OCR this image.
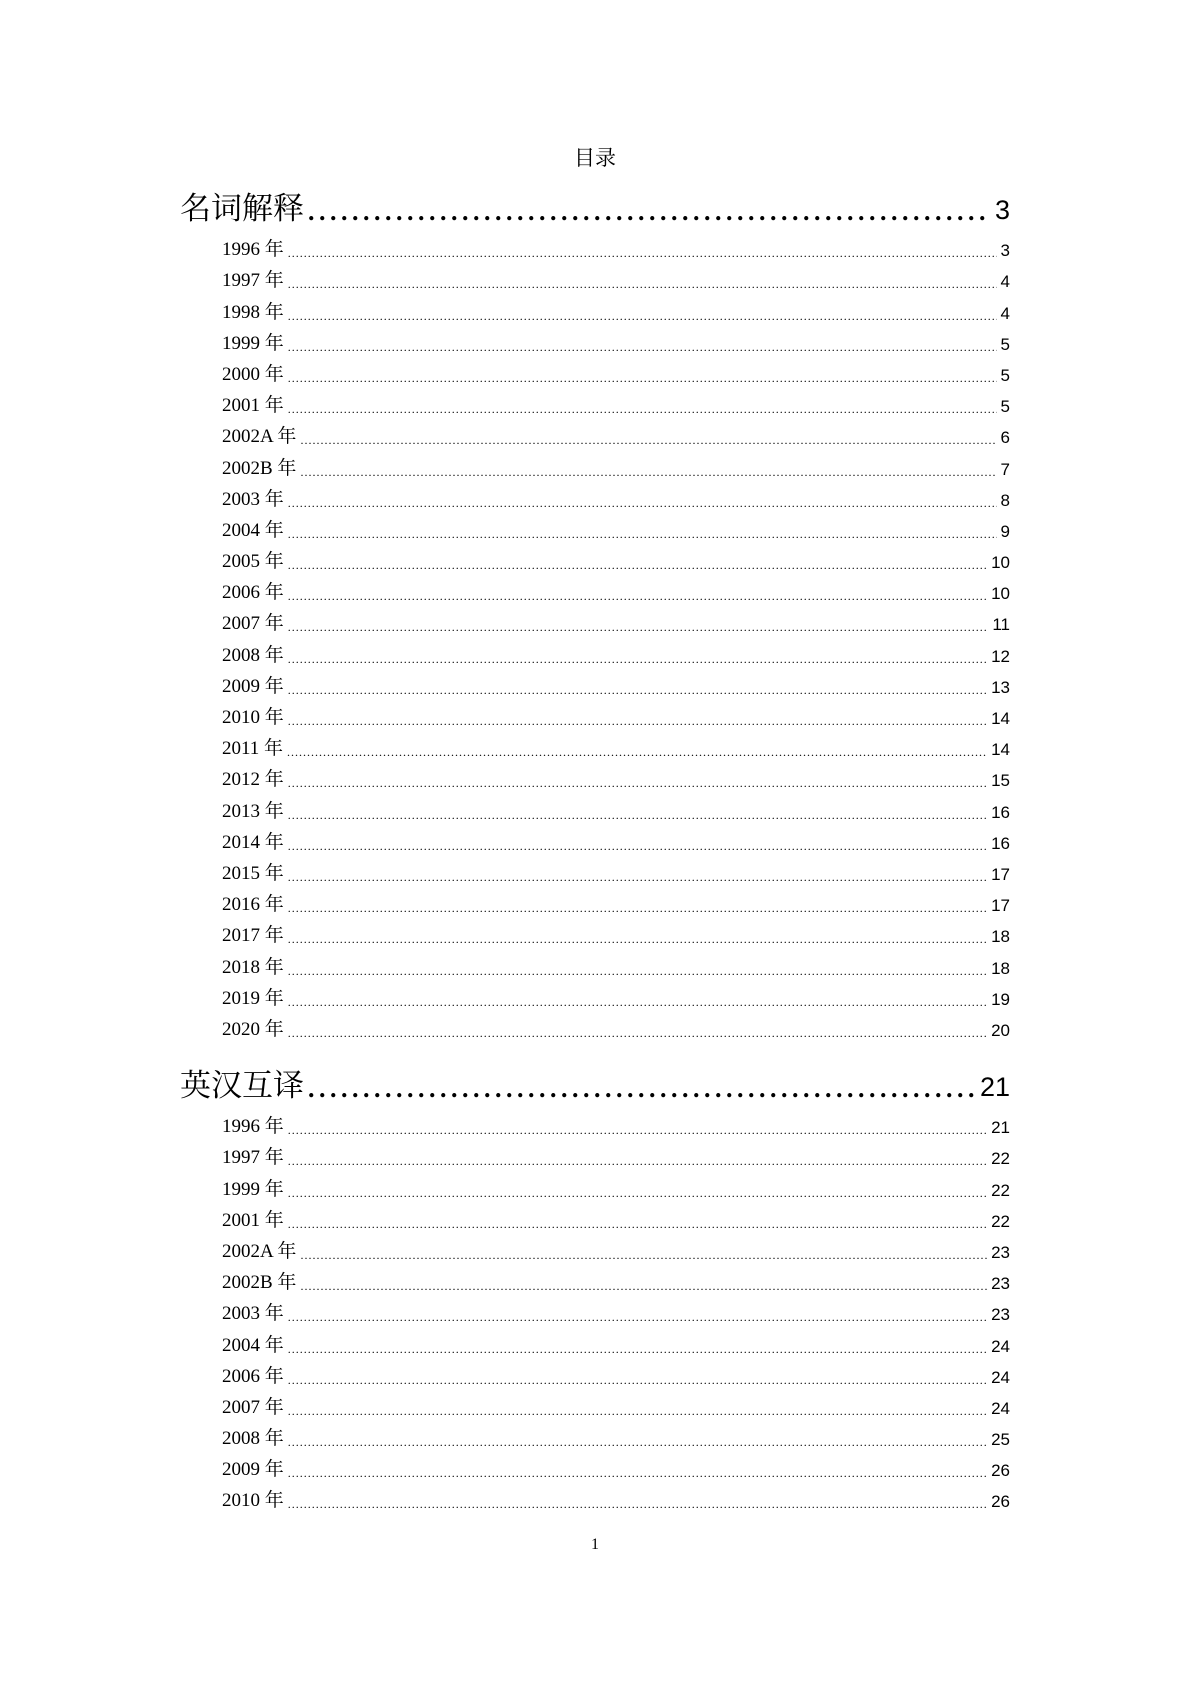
目录
名词解释 . . .	3
1996 年 . . .	3
1997 年 . . .	4
1998 年 . . .	4
1999 年 . . .	5
2000 年 . . .	5
2001 年 . . .	5
2002A 年 . . .	6
2002B 年 . . .	7
2003 年 . . .	8
2004 年 . . .	9
2005 年 . . .	10
2006 年 . . .	10
2007 年 . . .	11
2008 年 . . .	12
2009 年 . . .	13
2010 年 . . .	14
2011 年 . . .	14
2012 年 . . .	15
2013 年 . . .	16
2014 年 . . .	16
2015 年 . . .	17
2016 年 . . .	17
2017 年 . . .	18
2018 年 . . .	18
2019 年 . . .	19
2020 年 . . .	20
英汉互译 . . .	21
1996 年 . . .	21
1997 年 . . .	22
1999 年 . . .	22
2001 年 . . .	22
2002A 年 . . .	23
2002B 年 . . .	23
2003 年 . . .	23
2004 年 . . .	24
2006 年 . . .	24
2007 年 . . .	24
2008 年 . . .	25
2009 年 . . .	26
2010 年 . . .	26
1
